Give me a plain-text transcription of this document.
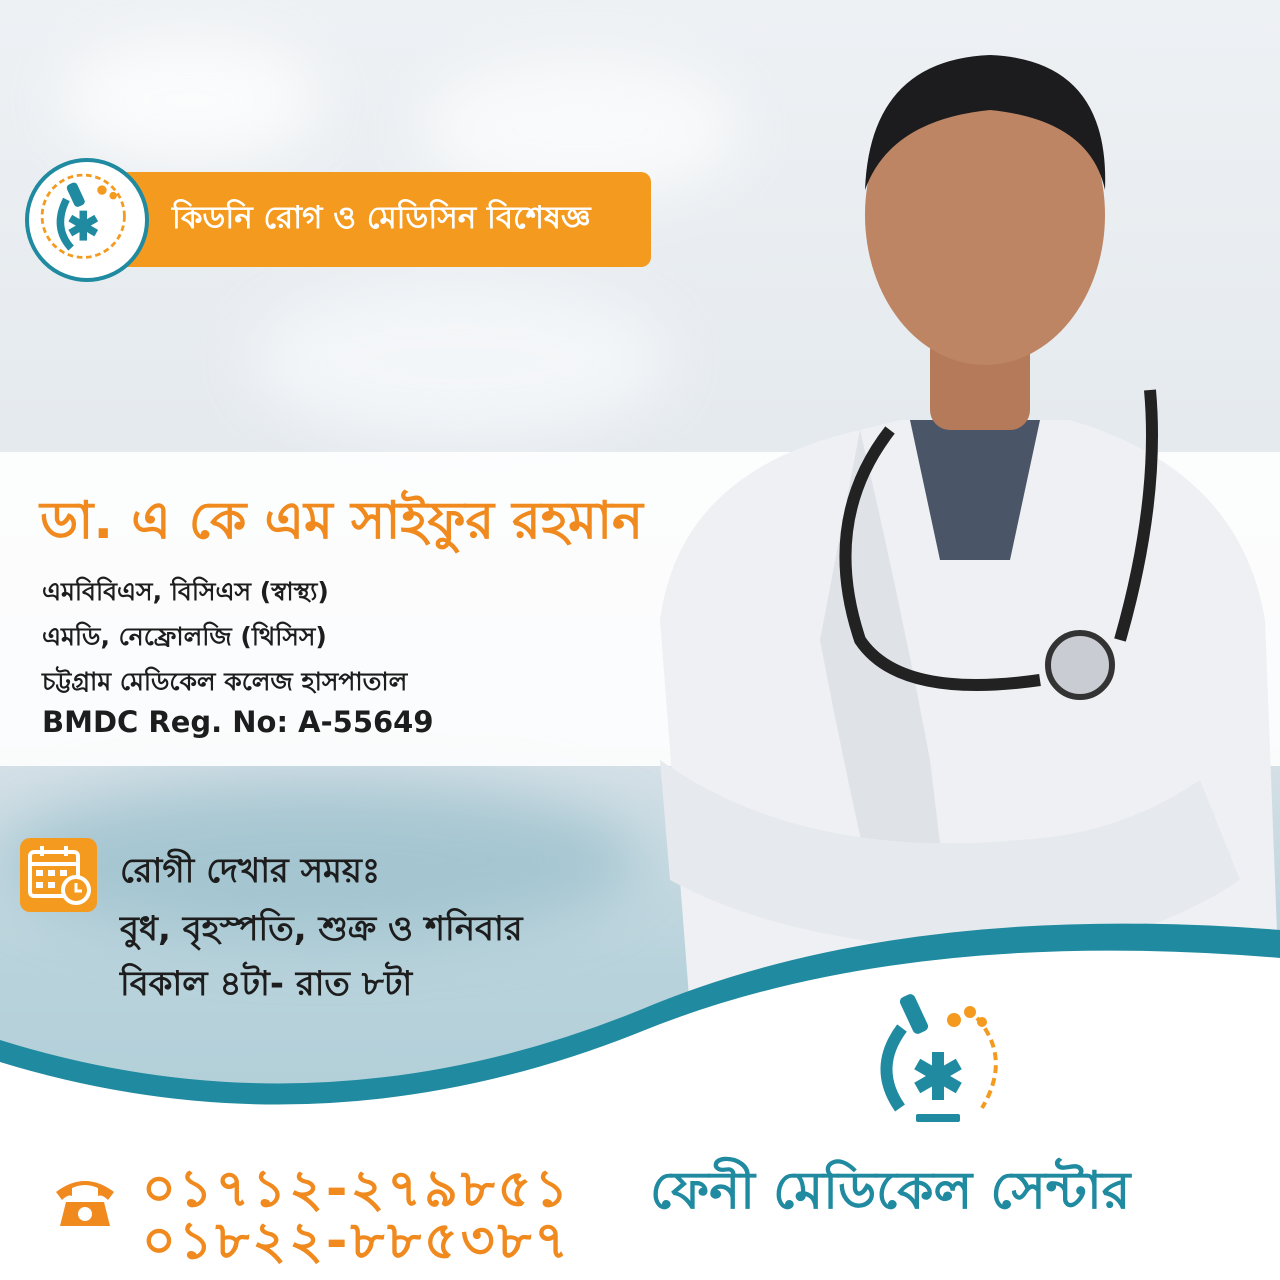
কিডনি রোগ ও মেডিসিন বিশেষজ্ঞ
ডা. এ কে এম সাইফুর রহমান
এমবিবিএস, বিসিএস (স্বাস্থ্য)
এমডি, নেফ্রোলজি (থিসিস)
চট্টগ্রাম মেডিকেল কলেজ হাসপাতাল
BMDC Reg. No: A-55649
রোগী দেখার সময়ঃ
বুধ, বৃহস্পতি, শুক্র ও শনিবার
বিকাল ৪টা- রাত ৮টা
ফেনী মেডিকেল সেন্টার
০১৭১২-২৭৯৮৫১
০১৮২২-৮৮৫৩৮৭
